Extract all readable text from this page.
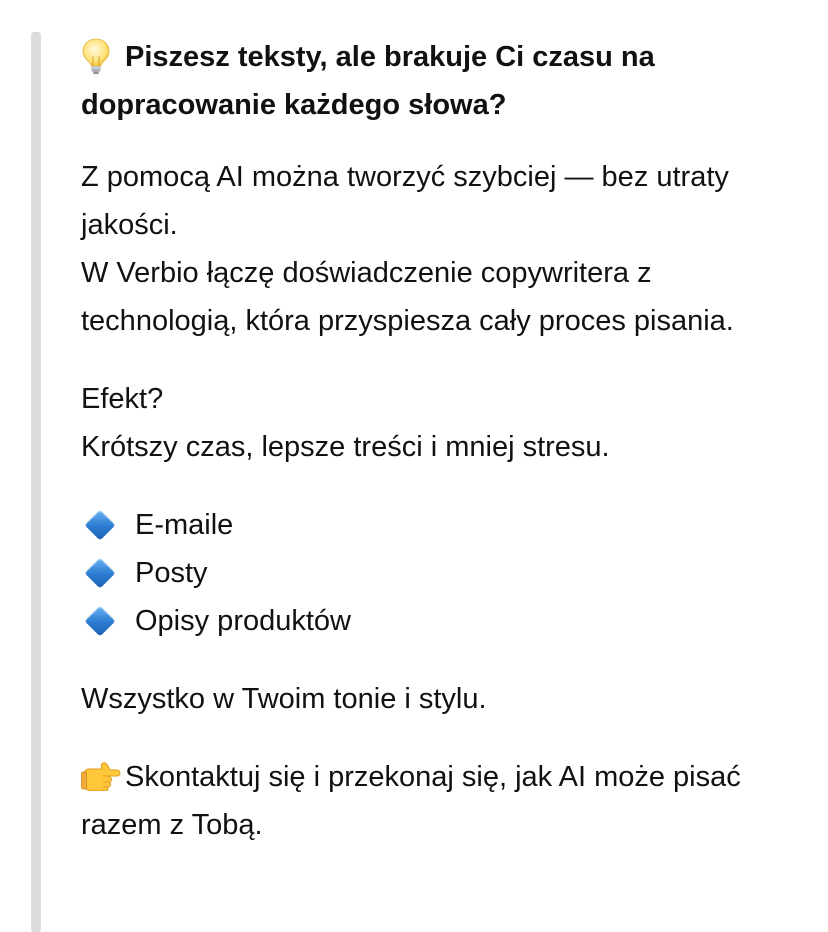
Piszesz teksty, ale brakuje Ci czasu na dopracowanie każdego słowa?

Z pomocą AI można tworzyć szybciej — bez utraty jakości.
W Verbio łączę doświadczenie copywritera z technologią, która przyspiesza cały proces pisania.

Efekt?
Krótszy czas, lepsze treści i mniej stresu.

E-maile
Posty
Opisy produktów

Wszystko w Twoim tonie i stylu.

Skontaktuj się i przekonaj się, jak AI może pisać razem z Tobą.
